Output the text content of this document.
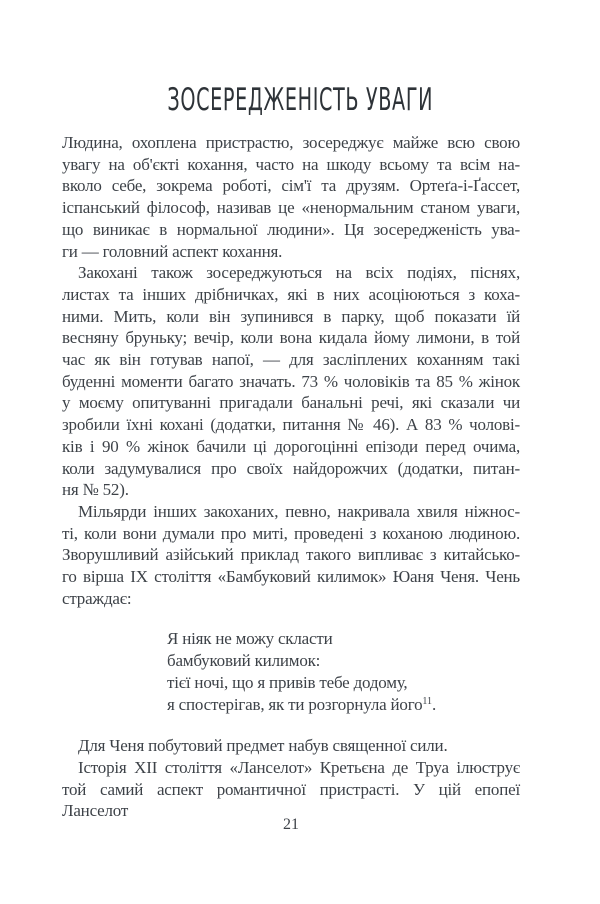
ЗОСЕРЕДЖЕНІСТЬ УВАГИ
Людина, охоплена пристрастю, зосереджує майже всю свою
увагу на об'єкті кохання, часто на шкоду всьому та всім на-
вколо себе, зокрема роботі, сім'ї та друзям. Ортеґа-і-Ґассет,
іспанський філософ, називав це «ненормальним станом уваги,
що виникає в нормальної людини». Ця зосередженість ува-
ги — головний аспект кохання.
Закохані також зосереджуються на всіх подіях, піснях,
листах та інших дрібничках, які в них асоціюються з коха-
ними. Мить, коли він зупинився в парку, щоб показати їй
весняну бруньку; вечір, коли вона кидала йому лимони, в той
час як він готував напої, — для засліплених коханням такі
буденні моменти багато значать. 73 % чоловіків та 85 % жінок
у моєму опитуванні пригадали банальні речі, які сказали чи
зробили їхні кохані (додатки, питання № 46). А 83 % чолові-
ків і 90 % жінок бачили ці дорогоцінні епізоди перед очима,
коли задумувалися про своїх найдорожчих (додатки, питан-
ня № 52).
Мільярди інших закоханих, певно, накривала хвиля ніжнос-
ті, коли вони думали про миті, проведені з коханою людиною.
Зворушливий азійський приклад такого випливає з китайсько-
го вірша IX століття «Бамбуковий килимок» Юаня Ченя. Чень
страждає:
Я ніяк не можу скласти
бамбуковий килимок:
тієї ночі, що я привів тебе додому,
я спостерігав, як ти розгорнула його$^{11}$.
Для Ченя побутовий предмет набув священної сили.
Історія XII століття «Ланселот» Кретьєна де Труа ілюструє
той самий аспект романтичної пристрасті. У цій епопеї Ланселот
21
